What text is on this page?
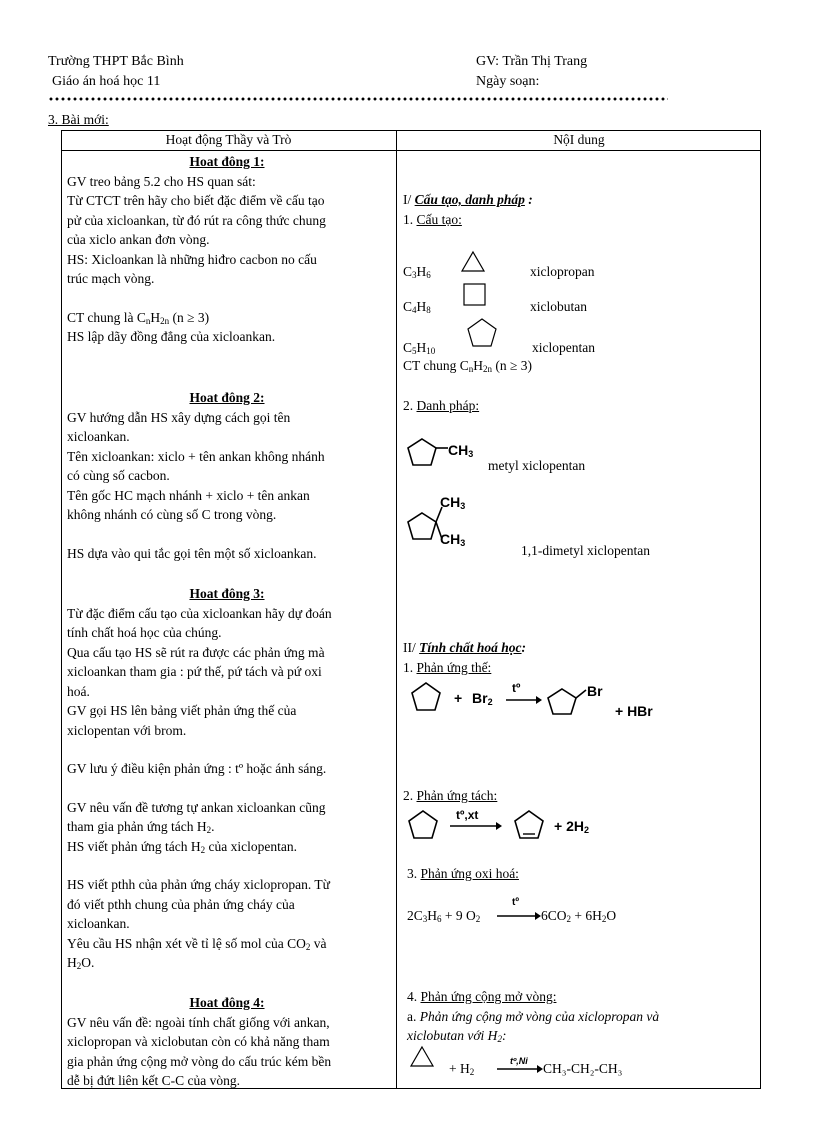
Trường THPT Bắc Bình
Giáo án hoá học 11
GV: Trần Thị Trang
Ngày soạn:
3. Bài mới:
Hoạt động Thầy và Trò	NộI dung
Hoat đông 1:
GV treo bảng 5.2 cho HS quan sát:
Từ CTCT trên hãy cho biết đặc điểm về cấu tạo
pử của xicloankan, từ đó rút ra công thức chung
của xiclo ankan đơn vòng.
HS: Xicloankan là những hiđro cacbon no cấu
trúc mạch vòng.
CT chung là $C_nH_{2n}$ (n ≥ 3)
HS lập dãy đồng đẳng của xicloankan.
Hoat đông 2:
GV hướng dẫn HS xây dựng cách gọi tên
xicloankan.
Tên xicloankan: xiclo + tên ankan không nhánh
có cùng số cacbon.
Tên gốc HC mạch nhánh + xiclo + tên ankan
không nhánh có cùng số C trong vòng.
HS dựa vào qui tắc gọi tên một số xicloankan.
Hoat đông 3:
Từ đặc điểm cấu tạo của xicloankan hãy dự đoán
tính chất hoá học của chúng.
Qua cấu tạo HS sẽ rút ra được các phản ứng mà
xicloankan tham gia : pứ thế, pứ tách và pứ oxi
hoá.
GV gọi HS lên bảng viết phản ứng thế của
xiclopentan với brom.
GV lưu ý điều kiện phản ứng : tº hoặc ánh sáng.
GV nêu vấn đề tương tự ankan xicloankan cũng
tham gia phản ứng tách $H_2$.
HS viết phản ứng tách $H_2$ của xiclopentan.
HS viết pthh của phản ứng cháy xiclopropan. Từ
đó viết pthh chung của phản ứng cháy của
xicloankan.
Yêu cầu HS nhận xét về tỉ lệ số mol của $CO_2$ và
$H_2O$.
Hoat đông 4:
GV nêu vấn đề: ngoài tính chất giống với ankan,
xiclopropan và xiclobutan còn có khả năng tham
gia phản ứng cộng mở vòng do cấu trúc kém bền
dễ bị đứt liên kết C-C của vòng.
I/ Cấu tạo, danh pháp :
1. Cấu tạo:
$C_3H_6$	xiclopropan
$C_4H_8$	xiclobutan
$C_5H_{10}$	xiclopentan
CT chung $C_nH_{2n}$ (n ≥ 3)
2. Danh pháp:
$CH_3$
metyl xiclopentan
$CH_3$
$CH_3$	1,1-dimetyl xiclopentan
II/ Tính chất hoá học:
1. Phản ứng thế:
+ $Br_2$
tº	Br
+ HBr
2. Phản ứng tách:
tº,xt
+ $2H_2$
3. Phản ứng oxi hoá:
$2C_3H_6 + 9$ $O_2$
tº
→ $6CO_2 + 6H_2O$
4. Phản ứng cộng mở vòng:
a. Phản ứng cộng mở vòng của xiclopropan và
xiclobutan với $H_2$:
+ $H_2$
tº,Ni → CH₃-CH₂-CH₃
